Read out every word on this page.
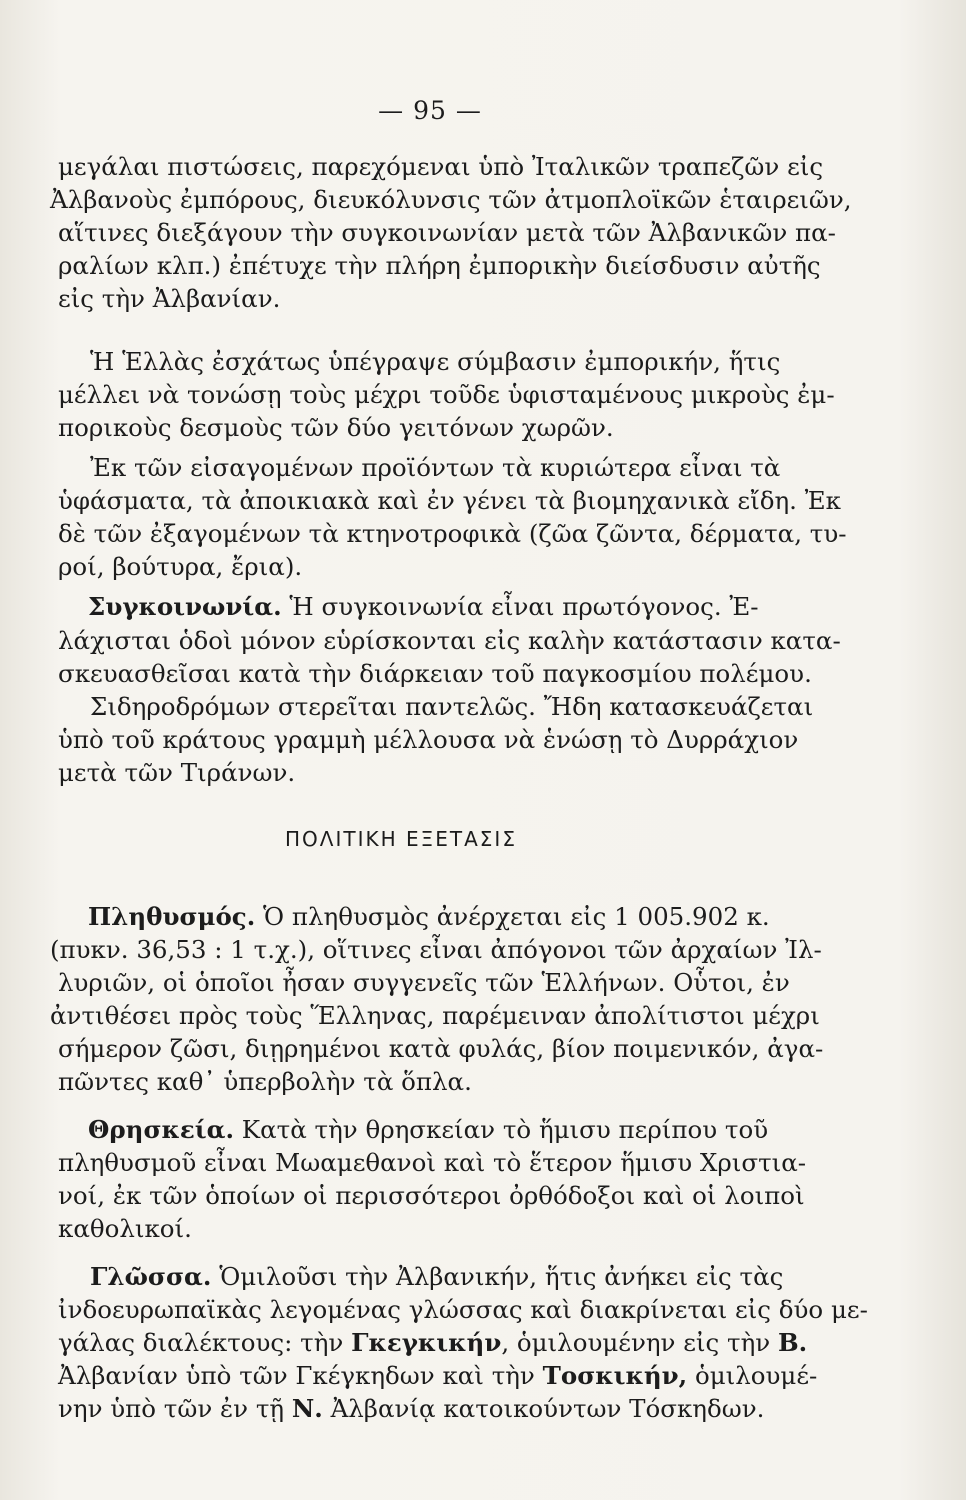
— 95 —
μεγάλαι πιστώσεις, παρεχόμεναι ὑπὸ Ἰταλικῶν τραπεζῶν εἰς
Ἀλβανοὺς ἐμπόρους, διευκόλυνσις τῶν ἀτμοπλοϊκῶν ἑταιρειῶν,
αἵτινες διεξάγουν τὴν συγκοινωνίαν μετὰ τῶν Ἀλβανικῶν πα-
ραλίων κλπ.) ἐπέτυχε τὴν πλήρη ἐμπορικὴν διείσδυσιν αὐτῆς
εἰς τὴν Ἀλβανίαν.
Ἡ Ἑλλὰς ἐσχάτως ὑπέγραψε σύμβασιν ἐμπορικήν, ἥτις
μέλλει νὰ τονώσῃ τοὺς μέχρι τοῦδε ὑφισταμένους μικροὺς ἐμ-
πορικοὺς δεσμοὺς τῶν δύο γειτόνων χωρῶν.
Ἐκ τῶν εἰσαγομένων προϊόντων τὰ κυριώτερα εἶναι τὰ
ὑφάσματα, τὰ ἀποικιακὰ καὶ ἐν γένει τὰ βιομηχανικὰ εἴδη. Ἐκ
δὲ τῶν ἐξαγομένων τὰ κτηνοτροφικὰ (ζῶα ζῶντα, δέρματα, τυ-
ροί, βούτυρα, ἔρια).
Συγκοινωνία. Ἡ συγκοινωνία εἶναι πρωτόγονος. Ἐ-
λάχισται ὁδοὶ μόνον εὑρίσκονται εἰς καλὴν κατάστασιν κατα-
σκευασθεῖσαι κατὰ τὴν διάρκειαν τοῦ παγκοσμίου πολέμου.
Σιδηροδρόμων στερεῖται παντελῶς. Ἤδη κατασκευάζεται
ὑπὸ τοῦ κράτους γραμμὴ μέλλουσα νὰ ἑνώσῃ τὸ Δυρράχιον
μετὰ τῶν Τιράνων.
Πληθυσμός. Ὁ πληθυσμὸς ἀνέρχεται εἰς 1 005.902 κ.
(πυκν. 36,53 : 1 τ.χ.), οἵτινες εἶναι ἀπόγονοι τῶν ἀρχαίων Ἰλ-
λυριῶν, οἱ ὁποῖοι ἦσαν συγγενεῖς τῶν Ἑλλήνων. Οὗτοι, ἐν
ἀντιθέσει πρὸς τοὺς Ἕλληνας, παρέμειναν ἀπολίτιστοι μέχρι
σήμερον ζῶσι, διῃρημένοι κατὰ φυλάς, βίον ποιμενικόν, ἀγα-
πῶντες καθ᾽ ὑπερβολὴν τὰ ὅπλα.
Θρησκεία. Κατὰ τὴν θρησκείαν τὸ ἥμισυ περίπου τοῦ
πληθυσμοῦ εἶναι Μωαμεθανοὶ καὶ τὸ ἕτερον ἥμισυ Χριστια-
νοί, ἐκ τῶν ὁποίων οἱ περισσότεροι ὀρθόδοξοι καὶ οἱ λοιποὶ
καθολικοί.
Γλῶσσα. Ὁμιλοῦσι τὴν Ἀλβανικήν, ἥτις ἀνήκει εἰς τὰς
ἰνδοευρωπαϊκὰς λεγομένας γλώσσας καὶ διακρίνεται εἰς δύο με-
γάλας διαλέκτους: τὴν Γκεγκικήν, ὁμιλουμένην εἰς τὴν Β.
Ἀλβανίαν ὑπὸ τῶν Γκέγκηδων καὶ τὴν Τοσκικήν, ὁμιλουμέ-
νην ὑπὸ τῶν ἐν τῇ Ν. Ἀλβανίᾳ κατοικούντων Τόσκηδων.
ΠΟΛΙΤΙΚΗ ΕΞΕΤΑΣΙΣ
